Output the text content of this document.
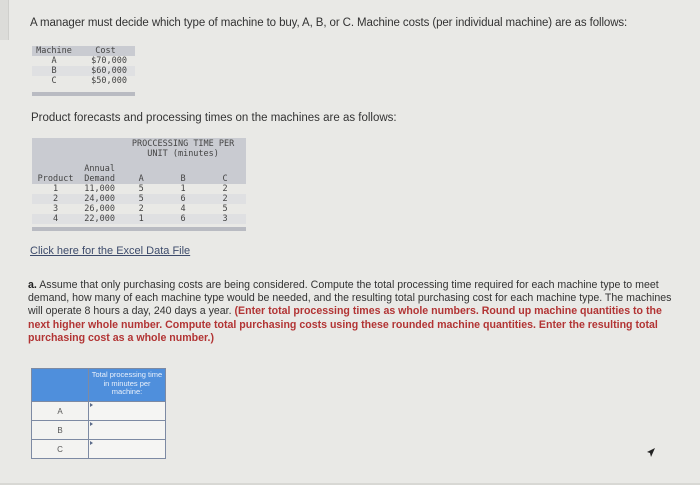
A manager must decide which type of machine to buy, A, B, or C. Machine costs (per individual machine) are as follows:
Machine	Cost
A	$70,000
B	$60,000
C	$50,000
Product forecasts and processing times on the machines are as follows:

		PROCCESSING TIME PER
UNIT (minutes)		

	Annual			
Product	Demand	A	B	C
1	11,000	5	1	2
2	24,000	5	6	2
3	26,000	2	4	5
4	22,000	1	6	3
Click here for the Excel Data File
a. Assume that only purchasing costs are being considered. Compute the total processing time required for each machine type to meet demand, how many of each machine type would be needed, and the resulting total purchasing cost for each machine type. The machines will operate 8 hours a day, 240 days a year. (Enter total processing times as whole numbers. Round up machine quantities to the next higher whole number. Compute total purchasing costs using these rounded machine quantities. Enter the resulting total purchasing cost as a whole number.)
	Total processing time in minutes per machine:
A	

B	

C	
